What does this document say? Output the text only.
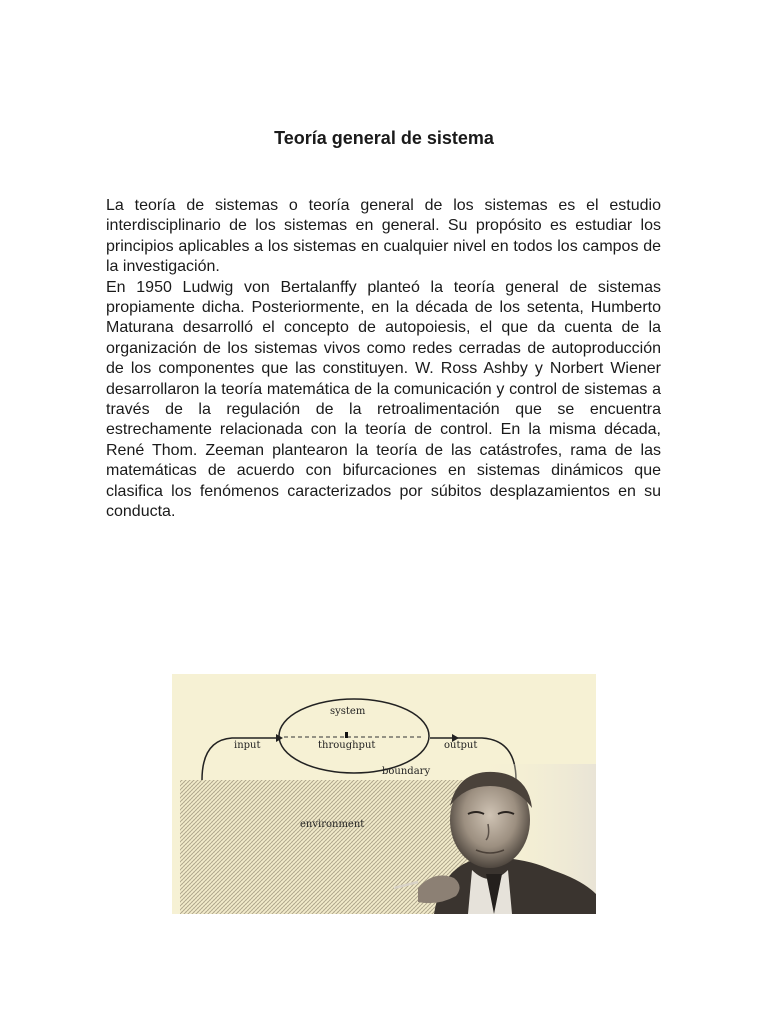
Teoría general de sistema

La teoría de sistemas o teoría general de los sistemas es el estudio interdisciplinario de los sistemas en general. Su propósito es estudiar los principios aplicables a los sistemas en cualquier nivel en todos los campos de la investigación.

En 1950 Ludwig von Bertalanffy planteó la teoría general de sistemas propiamente dicha. Posteriormente, en la década de los setenta, Humberto Maturana desarrolló el concepto de autopoiesis, el que da cuenta de la organización de los sistemas vivos como redes cerradas de autoproducción de los componentes que las constituyen. W. Ross Ashby y Norbert Wiener desarrollaron la teoría matemática de la comunicación y control de sistemas a través de la regulación de la retroalimentación que se encuentra estrechamente relacionada con la teoría de control. En la misma década, René Thom. Zeeman plantearon la teoría de las catástrofes, rama de las matemáticas de acuerdo con bifurcaciones en sistemas dinámicos que clasifica los fenómenos caracterizados por súbitos desplazamientos en su conducta.

environment
system
throughput
input	output
boundary
